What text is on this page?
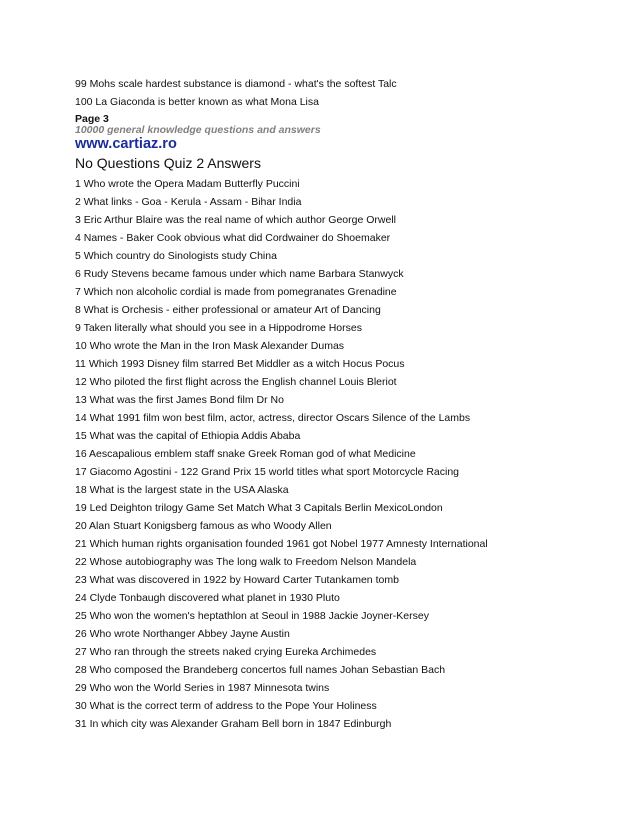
99 Mohs scale hardest substance is diamond - what's the softest Talc
100 La Giaconda is better known as what Mona Lisa
Page 3
10000 general knowledge questions and answers
www.cartiaz.ro
No Questions Quiz 2 Answers
1 Who wrote the Opera Madam Butterfly Puccini
2 What links - Goa - Kerula - Assam - Bihar India
3 Eric Arthur Blaire was the real name of which author George Orwell
4 Names - Baker Cook obvious what did Cordwainer do Shoemaker
5 Which country do Sinologists study China
6 Rudy Stevens became famous under which name Barbara Stanwyck
7 Which non alcoholic cordial is made from pomegranates Grenadine
8 What is Orchesis - either professional or amateur Art of Dancing
9 Taken literally what should you see in a Hippodrome Horses
10 Who wrote the Man in the Iron Mask Alexander Dumas
11 Which 1993 Disney film starred Bet Middler as a witch Hocus Pocus
12 Who piloted the first flight across the English channel Louis Bleriot
13 What was the first James Bond film Dr No
14 What 1991 film won best film, actor, actress, director Oscars Silence of the Lambs
15 What was the capital of Ethiopia Addis Ababa
16 Aescapalious emblem staff snake Greek Roman god of what Medicine
17 Giacomo Agostini - 122 Grand Prix 15 world titles what sport Motorcycle Racing
18 What is the largest state in the USA Alaska
19 Led Deighton trilogy Game Set Match What 3 Capitals Berlin MexicoLondon
20 Alan Stuart Konigsberg famous as who Woody Allen
21 Which human rights organisation founded 1961 got Nobel 1977 Amnesty International
22 Whose autobiography was The long walk to Freedom Nelson Mandela
23 What was discovered in 1922 by Howard Carter Tutankamen tomb
24 Clyde Tonbaugh discovered what planet in 1930 Pluto
25 Who won the women's heptathlon at Seoul in 1988 Jackie Joyner-Kersey
26 Who wrote Northanger Abbey Jayne Austin
27 Who ran through the streets naked crying Eureka Archimedes
28 Who composed the Brandeberg concertos full names Johan Sebastian Bach
29 Who won the World Series in 1987 Minnesota twins
30 What is the correct term of address to the Pope Your Holiness
31 In which city was Alexander Graham Bell born in 1847 Edinburgh
